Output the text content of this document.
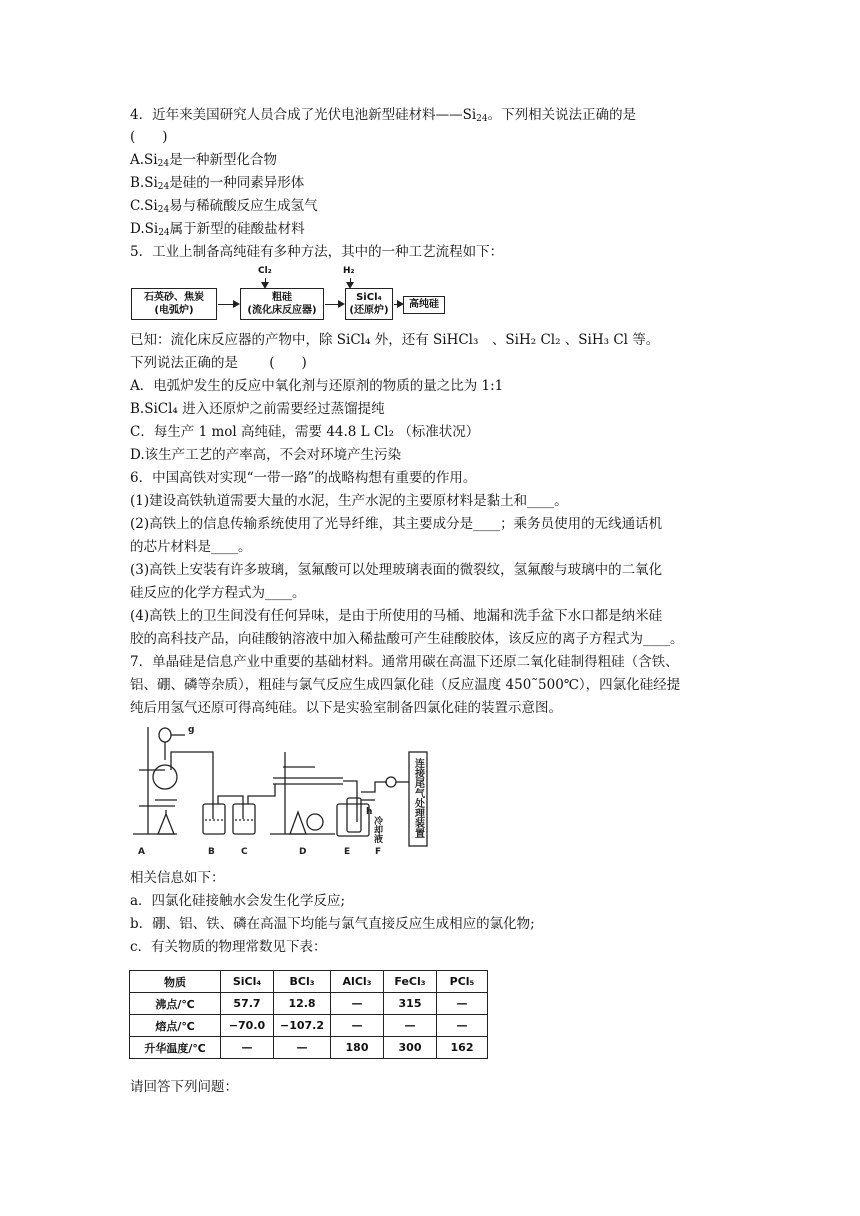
4．近年来美国研究人员合成了光伏电池新型硅材料$——Si_{24}$。下列相关说法正确的是
(　　)
$A.Si_{24}$是一种新型化合物
$B.Si_{24}$是硅的一种同素异形体
$C.Si_{24}$易与稀硫酸反应生成氢气
$D.Si_{24}$属于新型的硅酸盐材料
5．工业上制备高纯硅有多种方法，其中的一种工艺流程如下：
石英砂、焦炭
(电弧炉)
粗硅
(流化床反应器)
Cl₂
SiCl₄
(还原炉)
H₂
高纯硅
已知：流化床反应器的产物中，除 SiCl₄ 外，还有 SiHCl₃　、SiH₂ Cl₂ 、SiH₃ Cl 等。
下列说法正确的是　　 (　　)
A．电弧炉发生的反应中氧化剂与还原剂的物质的量之比为 1:1
B.SiCl₄ 进入还原炉之前需要经过蒸馏提纯
C．每生产 1 mol 高纯硅，需要 44.8 L Cl₂ （标准状况）
D.该生产工艺的产率高，不会对环境产生污染
6．中国高铁对实现“一带一路”的战略构想有重要的作用。
(1)建设高铁轨道需要大量的水泥，生产水泥的主要原材料是黏土和____。
(2)高铁上的信息传输系统使用了光导纤维，其主要成分是____；乘务员使用的无线通话机
的芯片材料是____。
(3)高铁上安装有许多玻璃，氢氟酸可以处理玻璃表面的微裂纹，氢氟酸与玻璃中的二氧化
硅反应的化学方程式为____。
(4)高铁上的卫生间没有任何异味，是由于所使用的马桶、地漏和洗手盆下水口都是纳米硅
胶的高科技产品，向硅酸钠溶液中加入稀盐酸可产生硅酸胶体，该反应的离子方程式为____。
7．单晶硅是信息产业中重要的基础材料。通常用碳在高温下还原二氧化硅制得粗硅（含铁、
铝、硼、磷等杂质），粗硅与氯气反应生成四氯化硅（反应温度 450˜500℃），四氯化硅经提
纯后用氢气还原可得高纯硅。以下是实验室制备四氯化硅的装置示意图。
A	B	C	D	E	F
g
h
冷却液	连接尾气处理装置
相关信息如下：
a．四氯化硅接触水会发生化学反应;
b．硼、铝、铁、磷在高温下均能与氯气直接反应生成相应的氯化物;
c．有关物质的物理常数见下表：
物质	SiCl₄	BCl₃	AlCl₃	FeCl₃	PCl₅
沸点/℃	57.7	12.8	—	315	—
熔点/℃	−70.0	−107.2	—	—	—
升华温度/℃	—	—	180	300	162
请回答下列问题：
